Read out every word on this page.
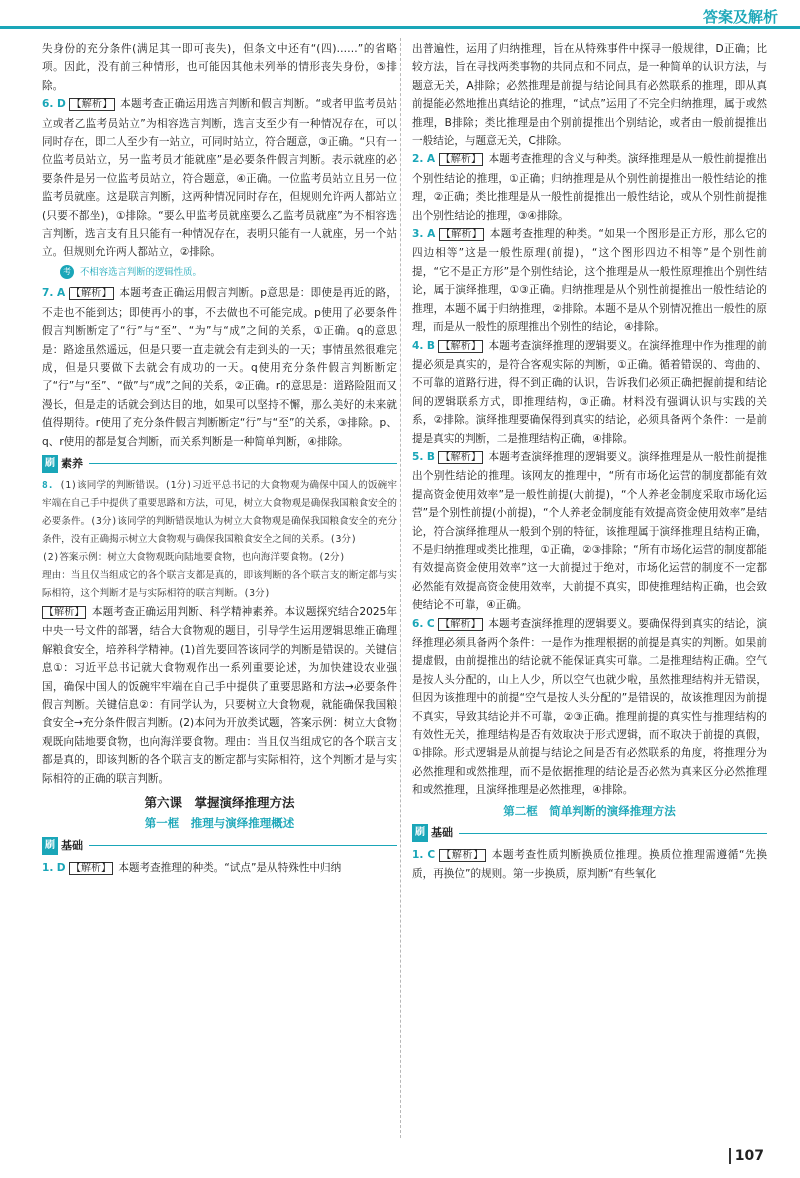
答案及解析

失身份的充分条件(满足其一即可丧失)，但条文中还有“(四)……”的省略项。因此，没有前三种情形，也可能因其他未列举的情形丧失身份，⑤排除。

6. D 【解析】 本题考查正确运用选言判断和假言判断。“或者甲监考员站立或者乙监考员站立”为相容选言判断，选言支至少有一种情况存在，可以同时存在，即二人至少有一站立，可同时站立，符合题意，③正确。“只有一位监考员站立，另一监考员才能就座”是必要条件假言判断。表示就座的必要条件是另一位监考员站立，符合题意，④正确。一位监考员站立且另一位监考员就座。这是联言判断，这两种情况同时存在，但规则允许两人都站立(只要不都坐)，①排除。“要么甲监考员就座要么乙监考员就座”为不相容选言判断，选言支有且只能有一种情况存在，表明只能有一人就座，另一个站立。但规则允许两人都站立，②排除。

考点 不相容选言判断的逻辑性质。

7. A 【解析】 本题考查正确运用假言判断。p意思是：即使是再近的路，不走也不能到达；即使再小的事，不去做也不可能完成。p使用了必要条件假言判断断定了“行”与“至”、“为”与“成”之间的关系，①正确。q的意思是：路途虽然遥远，但是只要一直走就会有走到头的一天；事情虽然很难完成，但是只要做下去就会有成功的一天。q使用充分条件假言判断断定了“行”与“至”、“做”与“成”之间的关系，②正确。r的意思是：道路险阻而又漫长，但是走的话就会到达目的地，如果可以坚持不懈，那么美好的未来就值得期待。r使用了充分条件假言判断断定“行”与“至”的关系，③排除。p、q、r使用的都是复合判断，而关系判断是一种简单判断，④排除。

刷 素养

8. (1)该同学的判断错误。(1分)习近平总书记的大食物观为确保中国人的饭碗牢牢端在自己手中提供了重要思路和方法，可见，树立大食物观是确保我国粮食安全的必要条件。(3分)该同学的判断错误地认为树立大食物观是确保我国粮食安全的充分条件，没有正确揭示树立大食物观与确保我国粮食安全之间的关系。(3分)

(2)答案示例：树立大食物观既向陆地要食物，也向海洋要食物。(2分)

理由：当且仅当组成它的各个联言支都是真的，即该判断的各个联言支的断定都与实际相符，这个判断才是与实际相符的联言判断。(3分)

【解析】 本题考查正确运用判断、科学精神素养。本议题探究结合2025年中央一号文件的部署，结合大食物观的题目，引导学生运用逻辑思维正确理解粮食安全，培养科学精神。(1)首先要回答该同学的判断是错误的。关键信息①：习近平总书记就大食物观作出一系列重要论述，为加快建设农业强国，确保中国人的饭碗牢牢端在自己手中提供了重要思路和方法→必要条件假言判断。关键信息②：有同学认为，只要树立大食物观，就能确保我国粮食安全→充分条件假言判断。(2)本问为开放类试题，答案示例：树立大食物观既向陆地要食物，也向海洋要食物。理由：当且仅当组成它的各个联言支都是真的，即该判断的各个联言支的断定都与实际相符，这个判断才是与实际相符的正确的联言判断。

第六课　掌握演绎推理方法
第一框　推理与演绎推理概述
刷 基础

1. D 【解析】 本题考查推理的种类。“试点”是从特殊性中归纳

出普遍性，运用了归纳推理，旨在从特殊事件中探寻一般规律，D正确；比较方法，旨在寻找两类事物的共同点和不同点，是一种简单的认识方法，与题意无关，A排除；必然推理是前提与结论间具有必然联系的推理，即从真前提能必然地推出真结论的推理，“试点”运用了不完全归纳推理，属于或然推理，B排除；类比推理是由个别前提推出个别结论，或者由一般前提推出一般结论，与题意无关，C排除。

2. A 【解析】 本题考查推理的含义与种类。演绎推理是从一般性前提推出个别性结论的推理，①正确；归纳推理是从个别性前提推出一般性结论的推理，②正确；类比推理是从一般性前提推出一般性结论，或从个别性前提推出个别性结论的推理，③④排除。

3. A 【解析】 本题考查推理的种类。“如果一个图形是正方形，那么它的四边相等”这是一般性原理(前提)，“这个图形四边不相等”是个别性前提，“它不是正方形”是个别性结论，这个推理是从一般性原理推出个别性结论，属于演绎推理，①③正确。归纳推理是从个别性前提推出一般性结论的推理，本题不属于归纳推理，②排除。本题不是从个别情况推出一般性的原理，而是从一般性的原理推出个别性的结论，④排除。

4. B 【解析】 本题考查演绎推理的逻辑要义。在演绎推理中作为推理的前提必须是真实的，是符合客观实际的判断，①正确。循着错误的、弯曲的、不可靠的道路行进，得不到正确的认识，告诉我们必须正确把握前提和结论间的逻辑联系方式，即推理结构，③正确。材料没有强调认识与实践的关系，②排除。演绎推理要确保得到真实的结论，必须具备两个条件：一是前提是真实的判断，二是推理结构正确，④排除。

5. B 【解析】 本题考查演绎推理的逻辑要义。演绎推理是从一般性前提推出个别性结论的推理。该网友的推理中，“所有市场化运营的制度都能有效提高资金使用效率”是一般性前提(大前提)，“个人养老金制度采取市场化运营”是个别性前提(小前提)，“个人养老金制度能有效提高资金使用效率”是结论，符合演绎推理从一般到个别的特征，该推理属于演绎推理且结构正确，不是归纳推理或类比推理，①正确，②③排除；“所有市场化运营的制度都能有效提高资金使用效率”这一大前提过于绝对，市场化运营的制度不一定都必然能有效提高资金使用效率，大前提不真实，即使推理结构正确，也会致使结论不可靠，④正确。

6. C 【解析】 本题考查演绎推理的逻辑要义。要确保得到真实的结论，演绎推理必须具备两个条件：一是作为推理根据的前提是真实的判断。如果前提虚假，由前提推出的结论就不能保证真实可靠。二是推理结构正确。空气是按人头分配的，山上人少，所以空气也就少啦，虽然推理结构并无错误，但因为该推理中的前提“空气是按人头分配的”是错误的，故该推理因为前提不真实，导致其结论并不可靠，②③正确。推理前提的真实性与推理结构的有效性无关，推理结构是否有效取决于形式逻辑，而不取决于前提的真假，①排除。形式逻辑是从前提与结论之间是否有必然联系的角度，将推理分为必然推理和或然推理，而不是依据推理的结论是否必然为真来区分必然推理和或然推理，且演绎推理是必然推理，④排除。

第二框　简单判断的演绎推理方法
刷 基础

1. C 【解析】 本题考查性质判断换质位推理。换质位推理需遵循“先换质，再换位”的规则。第一步换质，原判断“有些氧化

107
